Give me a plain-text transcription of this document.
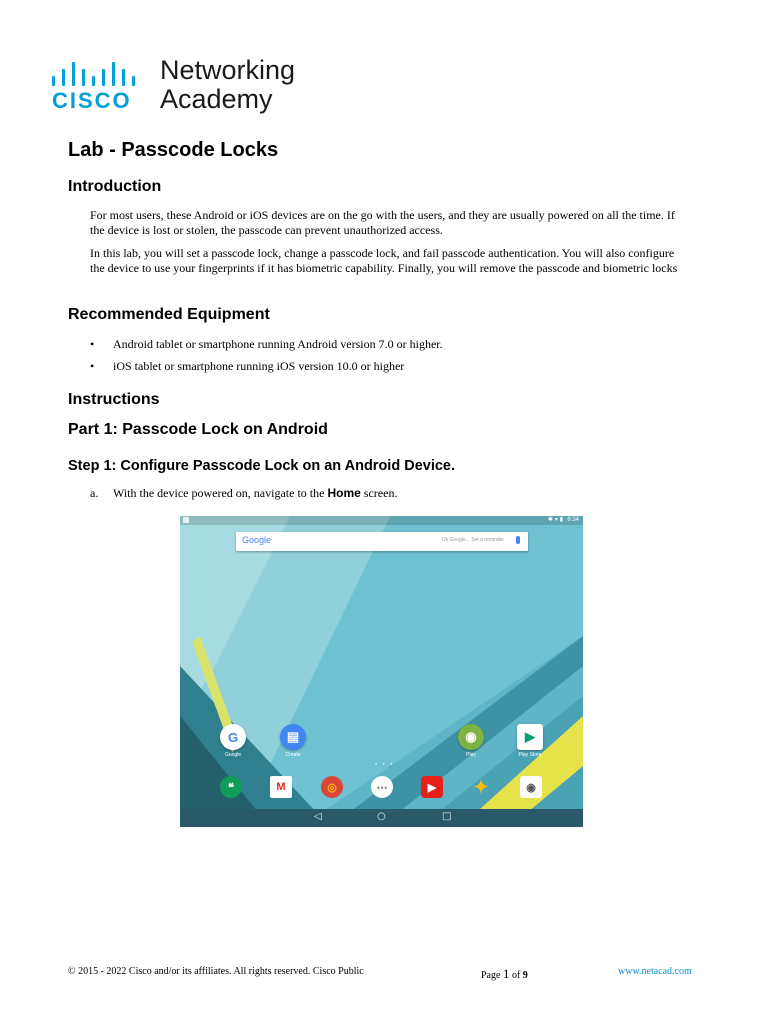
CISCO
Networking
Academy
Lab - Passcode Locks
Introduction
For most users, these Android or iOS devices are on the go with the users, and they are usually powered on all the time. If the device is lost or stolen, the passcode can prevent unauthorized access.
In this lab, you will set a passcode lock, change a passcode lock, and fail passcode authentication. You will also configure the device to use your fingerprints if it has biometric capability. Finally, you will remove the passcode and biometric locks
Recommended Equipment
• Android tablet or smartphone running Android version 7.0 or higher.
• iOS tablet or smartphone running iOS version 10.0 or higher
Instructions
Part 1: Passcode Lock on Android
Step 1: Configure Passcode Lock on an Android Device.
a. With the device powered on, navigate to the Home screen.
✱ ▾ ▮ 6:34
Google	Ok Google... Set a reminder
G
Google
▤
Create
◉
Play
▶
Play Store
• • •
❝	M	◎	⋯	▶	✦	◉
◁	○	□
© 2015 - 2022 Cisco and/or its affiliates. All rights reserved. Cisco Public	Page 1 of 9	www.netacad.com
